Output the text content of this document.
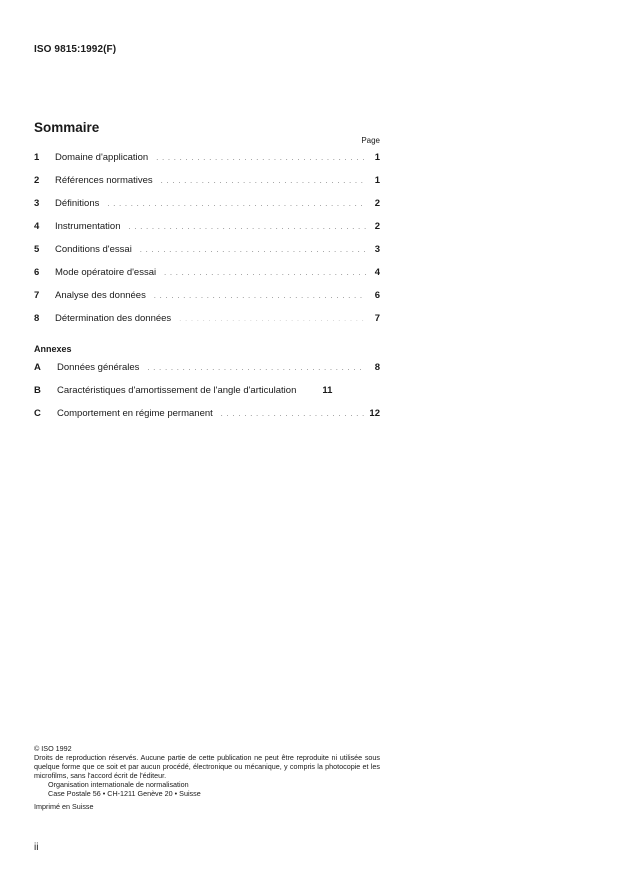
ISO 9815:1992(F)
Sommaire
Page
1	Domaine d'application . . .	1
2	Références normatives . . .	1
3	Définitions . . .	2
4	Instrumentation . . .	2
5	Conditions d'essai . . .	3
6	Mode opératoire d'essai . . .	4
7	Analyse des données . . .	6
8	Détermination des données . . .	7
Annexes
A	Données générales . . .	8
B	Caractéristiques d'amortissement de l'angle d'articulation	11
C	Comportement en régime permanent . . .	12

© ISO 1992

Droits de reproduction réservés. Aucune partie de cette publication ne peut être reproduite ni utilisée sous quelque forme que ce soit et par aucun procédé, électronique ou mécanique, y compris la photocopie et les microfilms, sans l'accord écrit de l'éditeur.

Organisation internationale de normalisation

Case Postale 56 • CH-1211 Genève 20 • Suisse

Imprimé en Suisse

ii
